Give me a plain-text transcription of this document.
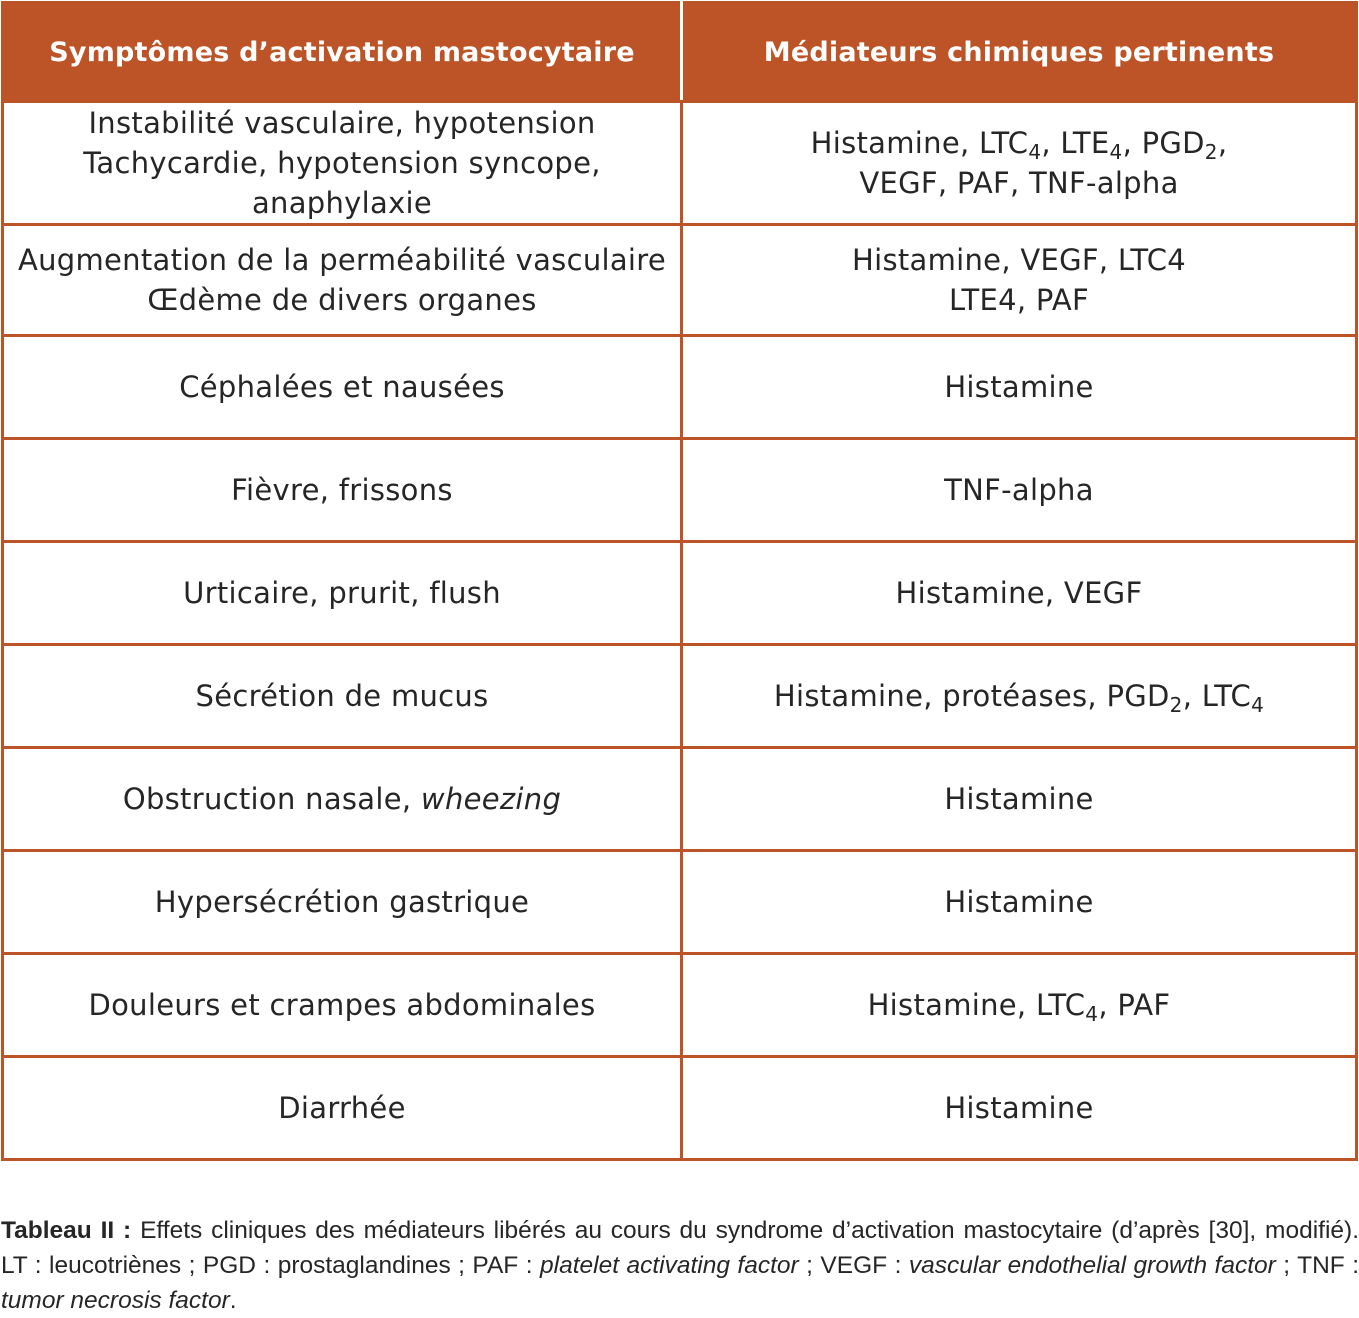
Symptômes d’activation mastocytaire	Médiateurs chimiques pertinents

Instabilité vasculaire, hypotension
Tachycardie, hypotension syncope, anaphylaxie	Histamine, $LTC_4$, $LTE_4$, $PGD_2$,
VEGF, PAF, TNF-alpha

Augmentation de la perméabilité vasculaire
Œdème de divers organes	Histamine, VEGF, LTC4
LTE4, PAF

Céphalées et nausées	Histamine
Fièvre, frissons	TNF-alpha
Urticaire, prurit, flush	Histamine, VEGF
Sécrétion de mucus	Histamine, protéases, $PGD_2$, $LTC_4$
Obstruction nasale, wheezing	Histamine
Hypersécrétion gastrique	Histamine
Douleurs et crampes abdominales	Histamine, $LTC_4$, PAF
Diarrhée	Histamine
Tableau II : Effets cliniques des médiateurs libérés au cours du syndrome d’activation mastocytaire (d’après [30], modifié). LT : leucotriènes ; PGD : prostaglandines ; PAF : platelet activating factor ; VEGF : vascular endothelial growth factor ; TNF : tumor necrosis factor.
